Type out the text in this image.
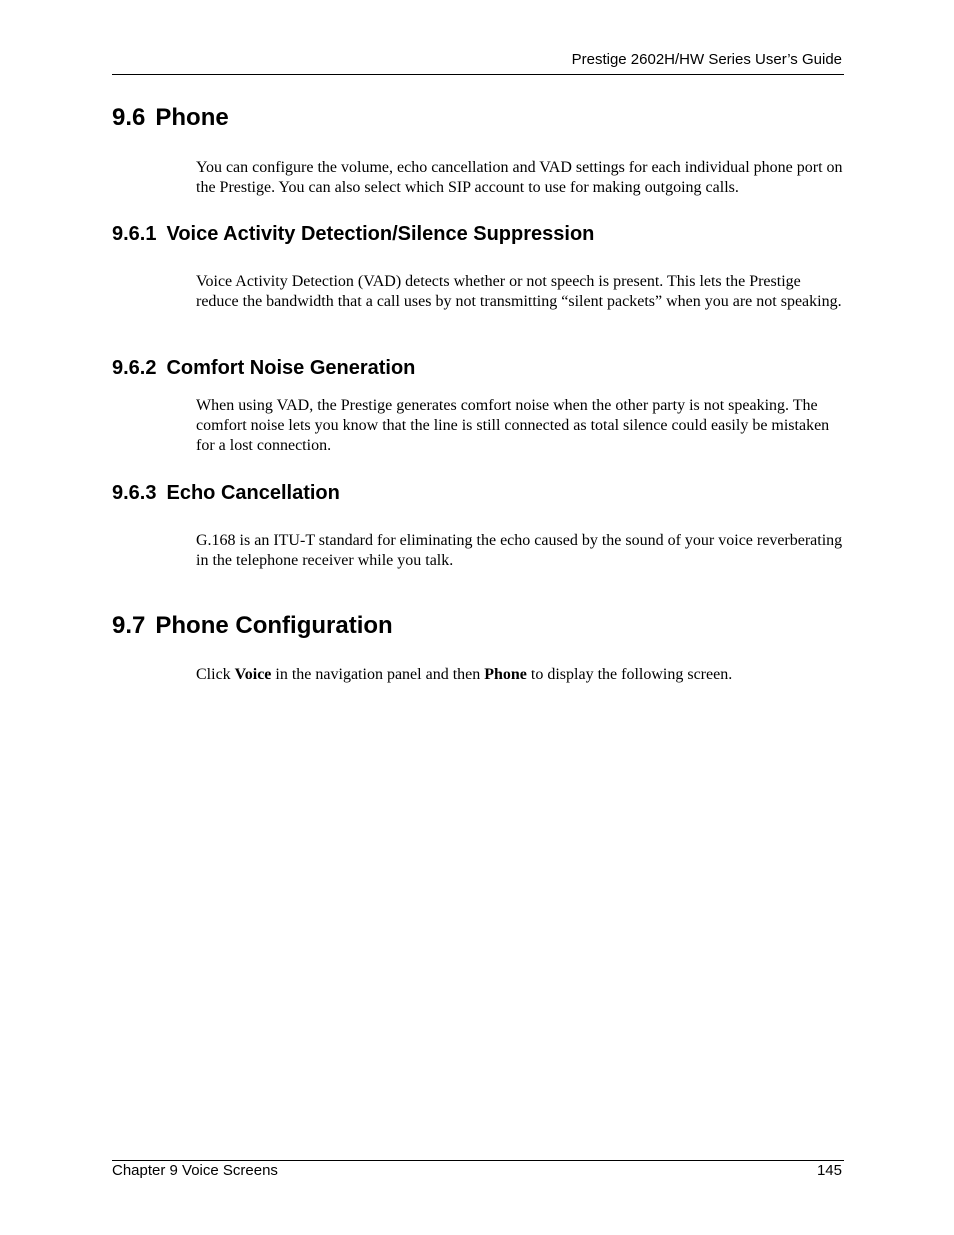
Prestige 2602H/HW Series User’s Guide
9.6 Phone

You can configure the volume, echo cancellation and VAD settings for each individual phone port on the Prestige. You can also select which SIP account to use for making outgoing calls.

9.6.1 Voice Activity Detection/Silence Suppression

Voice Activity Detection (VAD) detects whether or not speech is present. This lets the Prestige reduce the bandwidth that a call uses by not transmitting “silent packets” when you are not speaking.

9.6.2 Comfort Noise Generation

When using VAD, the Prestige generates comfort noise when the other party is not speaking. The comfort noise lets you know that the line is still connected as total silence could easily be mistaken for a lost connection.

9.6.3 Echo Cancellation

G.168 is an ITU-T standard for eliminating the echo caused by the sound of your voice reverberating in the telephone receiver while you talk.

9.7 Phone Configuration

Click Voice in the navigation panel and then Phone to display the following screen.

Chapter 9 Voice Screens	145
